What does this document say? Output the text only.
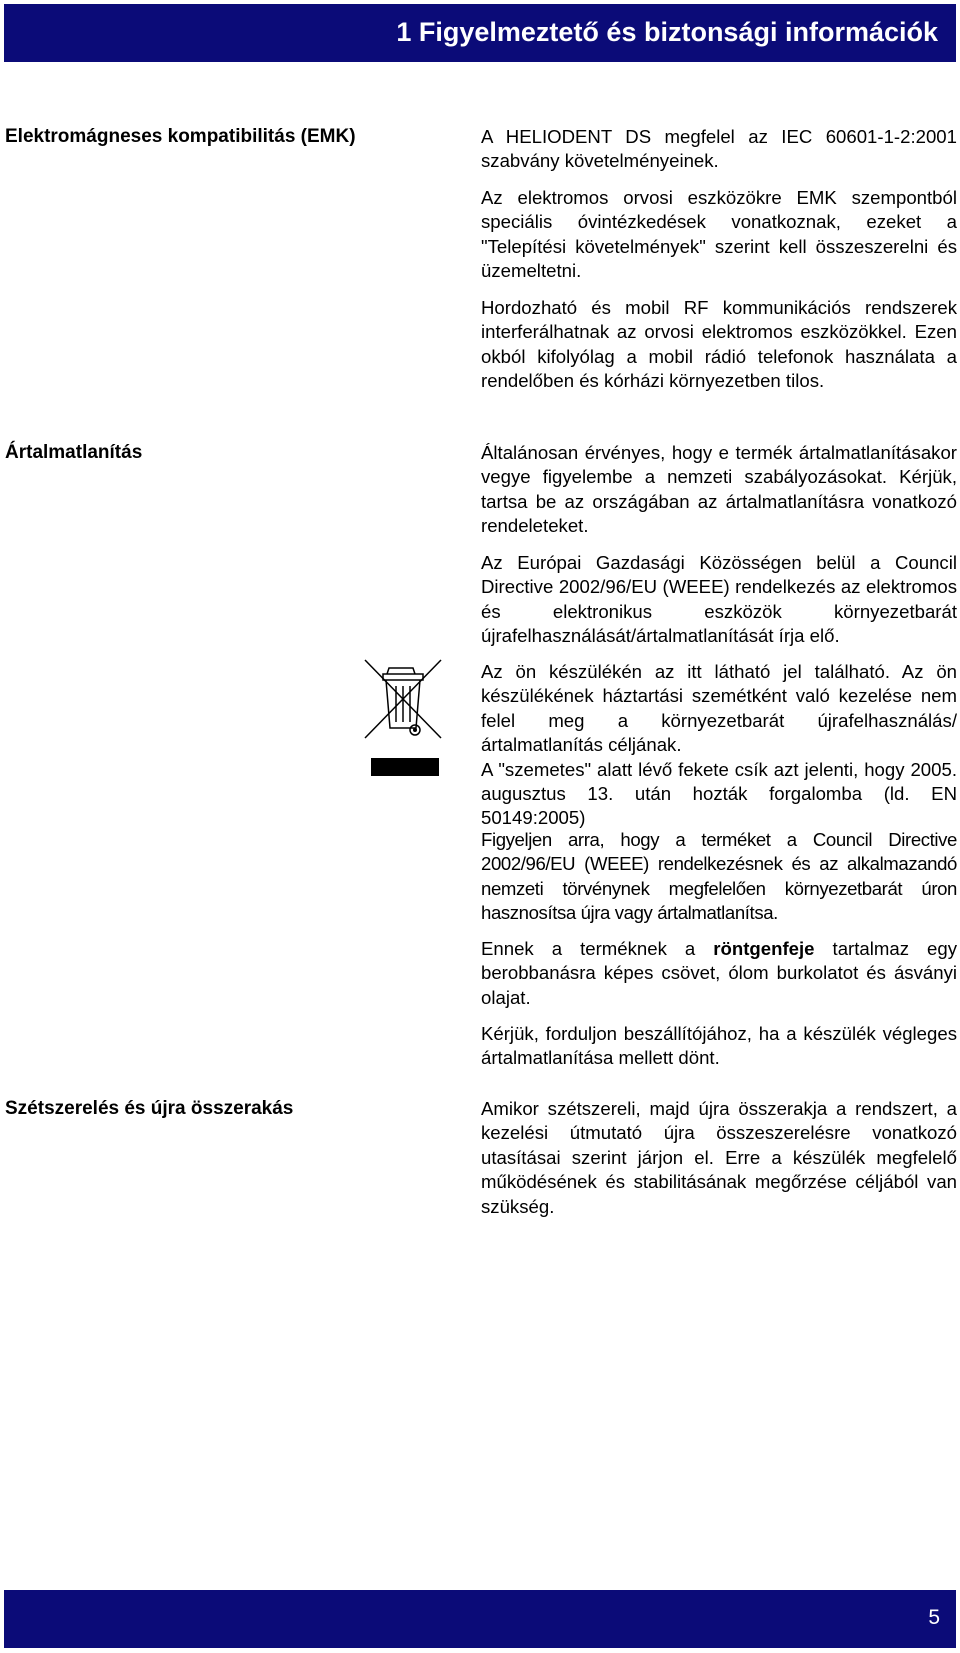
1 Figyelmeztető és biztonsági információk
Elektromágneses kompatibilitás (EMK)	A HELIODENT DS megfelel az IEC 60601-1-2:2001 szabvány követelményeinek.
Az elektromos orvosi eszközökre EMK szempontból speciális óvintézkedések vonatkoznak, ezeket a "Telepítési követelmények" szerint kell összeszerelni és üzemeltetni.
Hordozható és mobil RF kommunikációs rendszerek interferálhatnak az orvosi elektromos eszközökkel. Ezen okból kifolyólag a mobil rádió telefonok használata a rendelőben és kórházi környezetben tilos.
Ártalmatlanítás	Általánosan érvényes, hogy e termék ártalmatlanításakor vegye figyelembe a nemzeti szabályozásokat. Kérjük, tartsa be az országában az ártalmatlanításra vonatkozó rendeleteket.
Az Európai Gazdasági Közösségen belül a Council Directive 2002/96/EU (WEEE) rendelkezés az elektromos és elektronikus eszközök környezetbarát újrafelhasználását/ártalmatlanítását írja elő.
Az ön készülékén az itt látható jel található. Az ön készülékének háztartási szemétként való kezelése nem felel meg a környezetbarát újrafelhasználás/ ártalmatlanítás céljának.
A "szemetes" alatt lévő fekete csík azt jelenti, hogy 2005. augusztus 13. után hozták forgalomba (ld. EN 50149:2005)
Figyeljen arra, hogy a terméket a Council Directive 2002/96/EU (WEEE) rendelkezésnek és az alkalmazandó nemzeti törvénynek megfelelően környezetbarát úron hasznosítsa újra vagy ártalmatlanítsa.
Ennek a terméknek a röntgenfeje tartalmaz egy berobbanásra képes csövet, ólom burkolatot és ásványi olajat.
Kérjük, forduljon beszállítójához, ha a készülék végleges ártalmatlanítása mellett dönt.
Szétszerelés és újra összerakás	Amikor szétszereli, majd újra összerakja a rendszert, a kezelési útmutató újra összeszerelésre vonatkozó utasításai szerint járjon el. Erre a készülék megfelelő működésének és stabilitásának megőrzése céljából van szükség.
5
